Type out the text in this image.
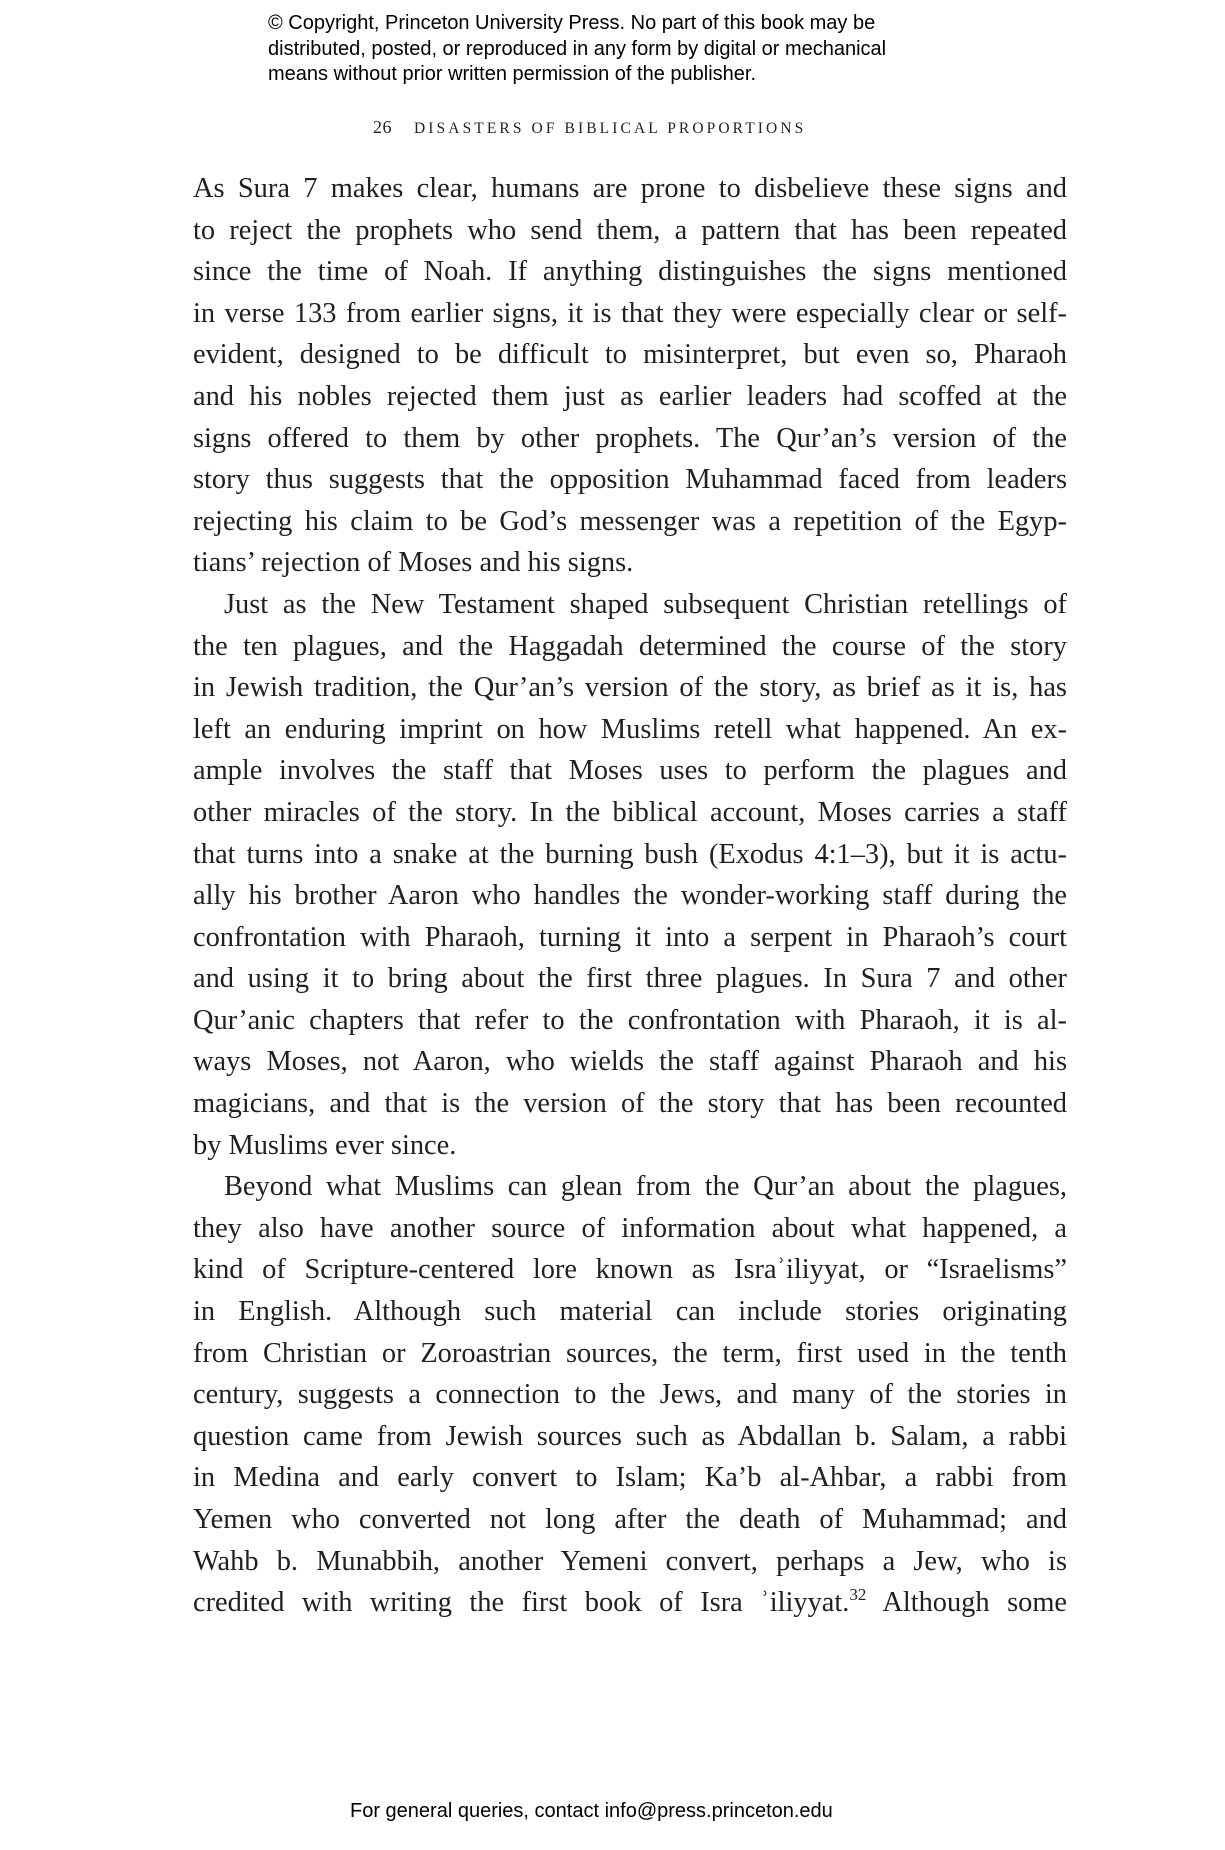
© Copyright, Princeton University Press. No part of this book may be
distributed, posted, or reproduced in any form by digital or mechanical
means without prior written permission of the publisher.
26 DISASTERS OF BIBLICAL PROPORTIONS
As Sura 7 makes clear, humans are prone to disbelieve these signs and
to reject the prophets who send them, a pattern that has been repeated
since the time of Noah. If anything distinguishes the signs mentioned
in verse 133 from earlier signs, it is that they were especially clear or self-
evident, designed to be difficult to misinterpret, but even so, Pharaoh
and his nobles rejected them just as earlier leaders had scoffed at the
signs offered to them by other prophets. The Qur’an’s version of the
story thus suggests that the opposition Muhammad faced from leaders
rejecting his claim to be God’s messenger was a repetition of the Egyp-
tians’ rejection of Moses and his signs.
Just as the New Testament shaped subsequent Christian retellings of
the ten plagues, and the Haggadah determined the course of the story
in Jewish tradition, the Qur’an’s version of the story, as brief as it is, has
left an enduring imprint on how Muslims retell what happened. An ex-
ample involves the staff that Moses uses to perform the plagues and
other miracles of the story. In the biblical account, Moses carries a staff
that turns into a snake at the burning bush (Exodus 4:1–3), but it is actu-
ally his brother Aaron who handles the wonder-working staff during the
confrontation with Pharaoh, turning it into a serpent in Pharaoh’s court
and using it to bring about the first three plagues. In Sura 7 and other
Qur’anic chapters that refer to the confrontation with Pharaoh, it is al-
ways Moses, not Aaron, who wields the staff against Pharaoh and his
magicians, and that is the version of the story that has been recounted
by Muslims ever since.
Beyond what Muslims can glean from the Qur’an about the plagues,
they also have another source of information about what happened, a
kind of Scripture-centered lore known as Israʾiliyyat, or “Israelisms”
in English. Although such material can include stories originating
from Christian or Zoroastrian sources, the term, first used in the tenth
century, suggests a connection to the Jews, and many of the stories in
question came from Jewish sources such as Abdallan b. Salam, a rabbi
in Medina and early convert to Islam; Ka’b al-Ahbar, a rabbi from
Yemen who converted not long after the death of Muhammad; and
Wahb b. Munabbih, another Yemeni convert, perhaps a Jew, who is
credited with writing the first book of Isra ʾiliyyat.$^{32}$ Although some
For general queries, contact info@press.princeton.edu
